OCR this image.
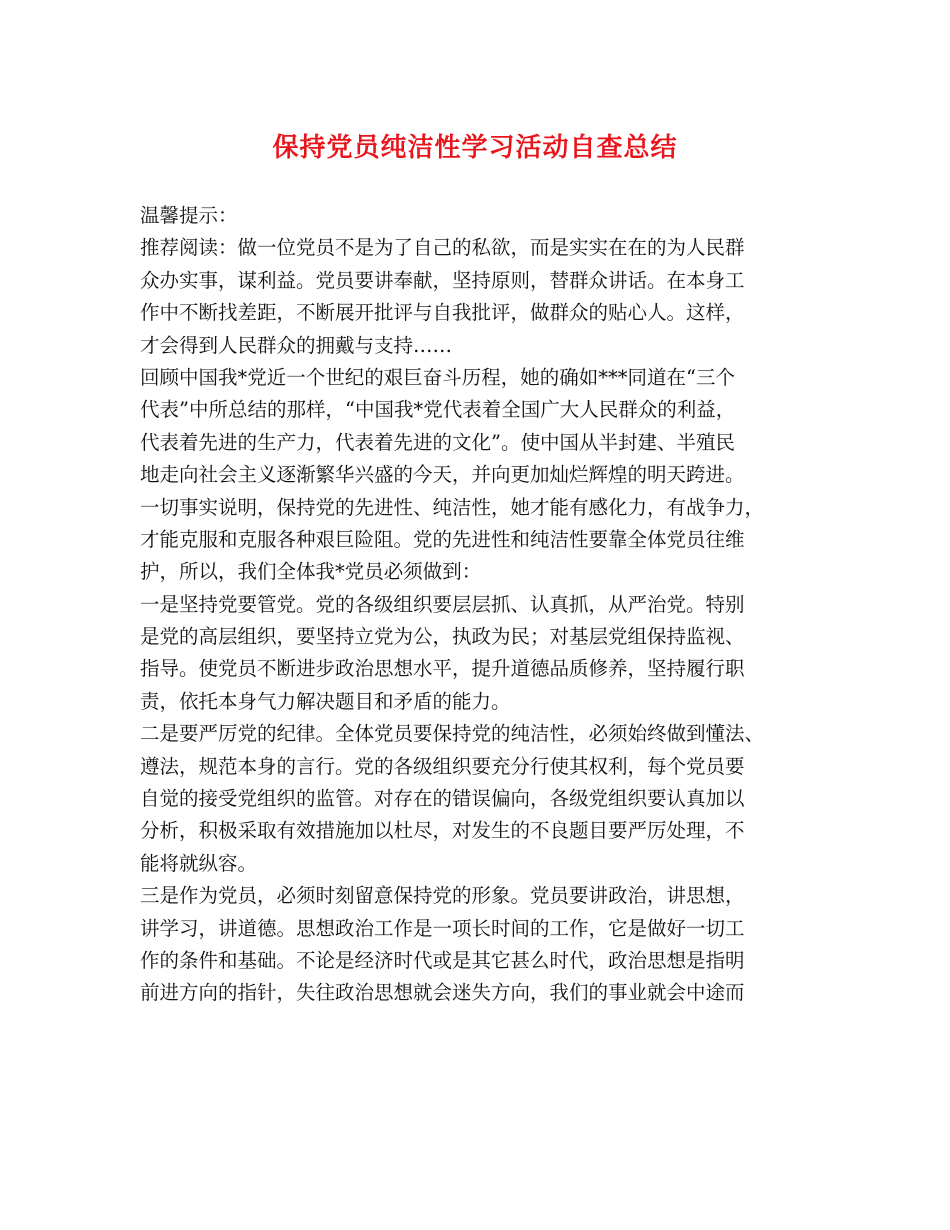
保持党员纯洁性学习活动自查总结
温馨提示：
推荐阅读：做一位党员不是为了自己的私欲，而是实实在在的为人民群
众办实事，谋利益。党员要讲奉献，坚持原则，替群众讲话。在本身工
作中不断找差距，不断展开批评与自我批评，做群众的贴心人。这样，
才会得到人民群众的拥戴与支持……
回顾中国我*党近一个世纪的艰巨奋斗历程，她的确如***同道在“三个
代表”中所总结的那样，“中国我*党代表着全国广大人民群众的利益，
代表着先进的生产力，代表着先进的文化”。使中国从半封建、半殖民
地走向社会主义逐渐繁华兴盛的今天，并向更加灿烂辉煌的明天跨进。
一切事实说明，保持党的先进性、纯洁性，她才能有感化力，有战争力，
才能克服和克服各种艰巨险阻。党的先进性和纯洁性要靠全体党员往维
护，所以，我们全体我*党员必须做到：
一是坚持党要管党。党的各级组织要层层抓、认真抓，从严治党。特别
是党的高层组织，要坚持立党为公，执政为民；对基层党组保持监视、
指导。使党员不断进步政治思想水平，提升道德品质修养，坚持履行职
责，依托本身气力解决题目和矛盾的能力。
二是要严厉党的纪律。全体党员要保持党的纯洁性，必须始终做到懂法、
遵法，规范本身的言行。党的各级组织要充分行使其权利，每个党员要
自觉的接受党组织的监管。对存在的错误偏向，各级党组织要认真加以
分析，积极采取有效措施加以杜尽，对发生的不良题目要严厉处理，不
能将就纵容。
三是作为党员，必须时刻留意保持党的形象。党员要讲政治，讲思想，
讲学习，讲道德。思想政治工作是一项长时间的工作，它是做好一切工
作的条件和基础。不论是经济时代或是其它甚么时代，政治思想是指明
前进方向的指针，失往政治思想就会迷失方向，我们的事业就会中途而
